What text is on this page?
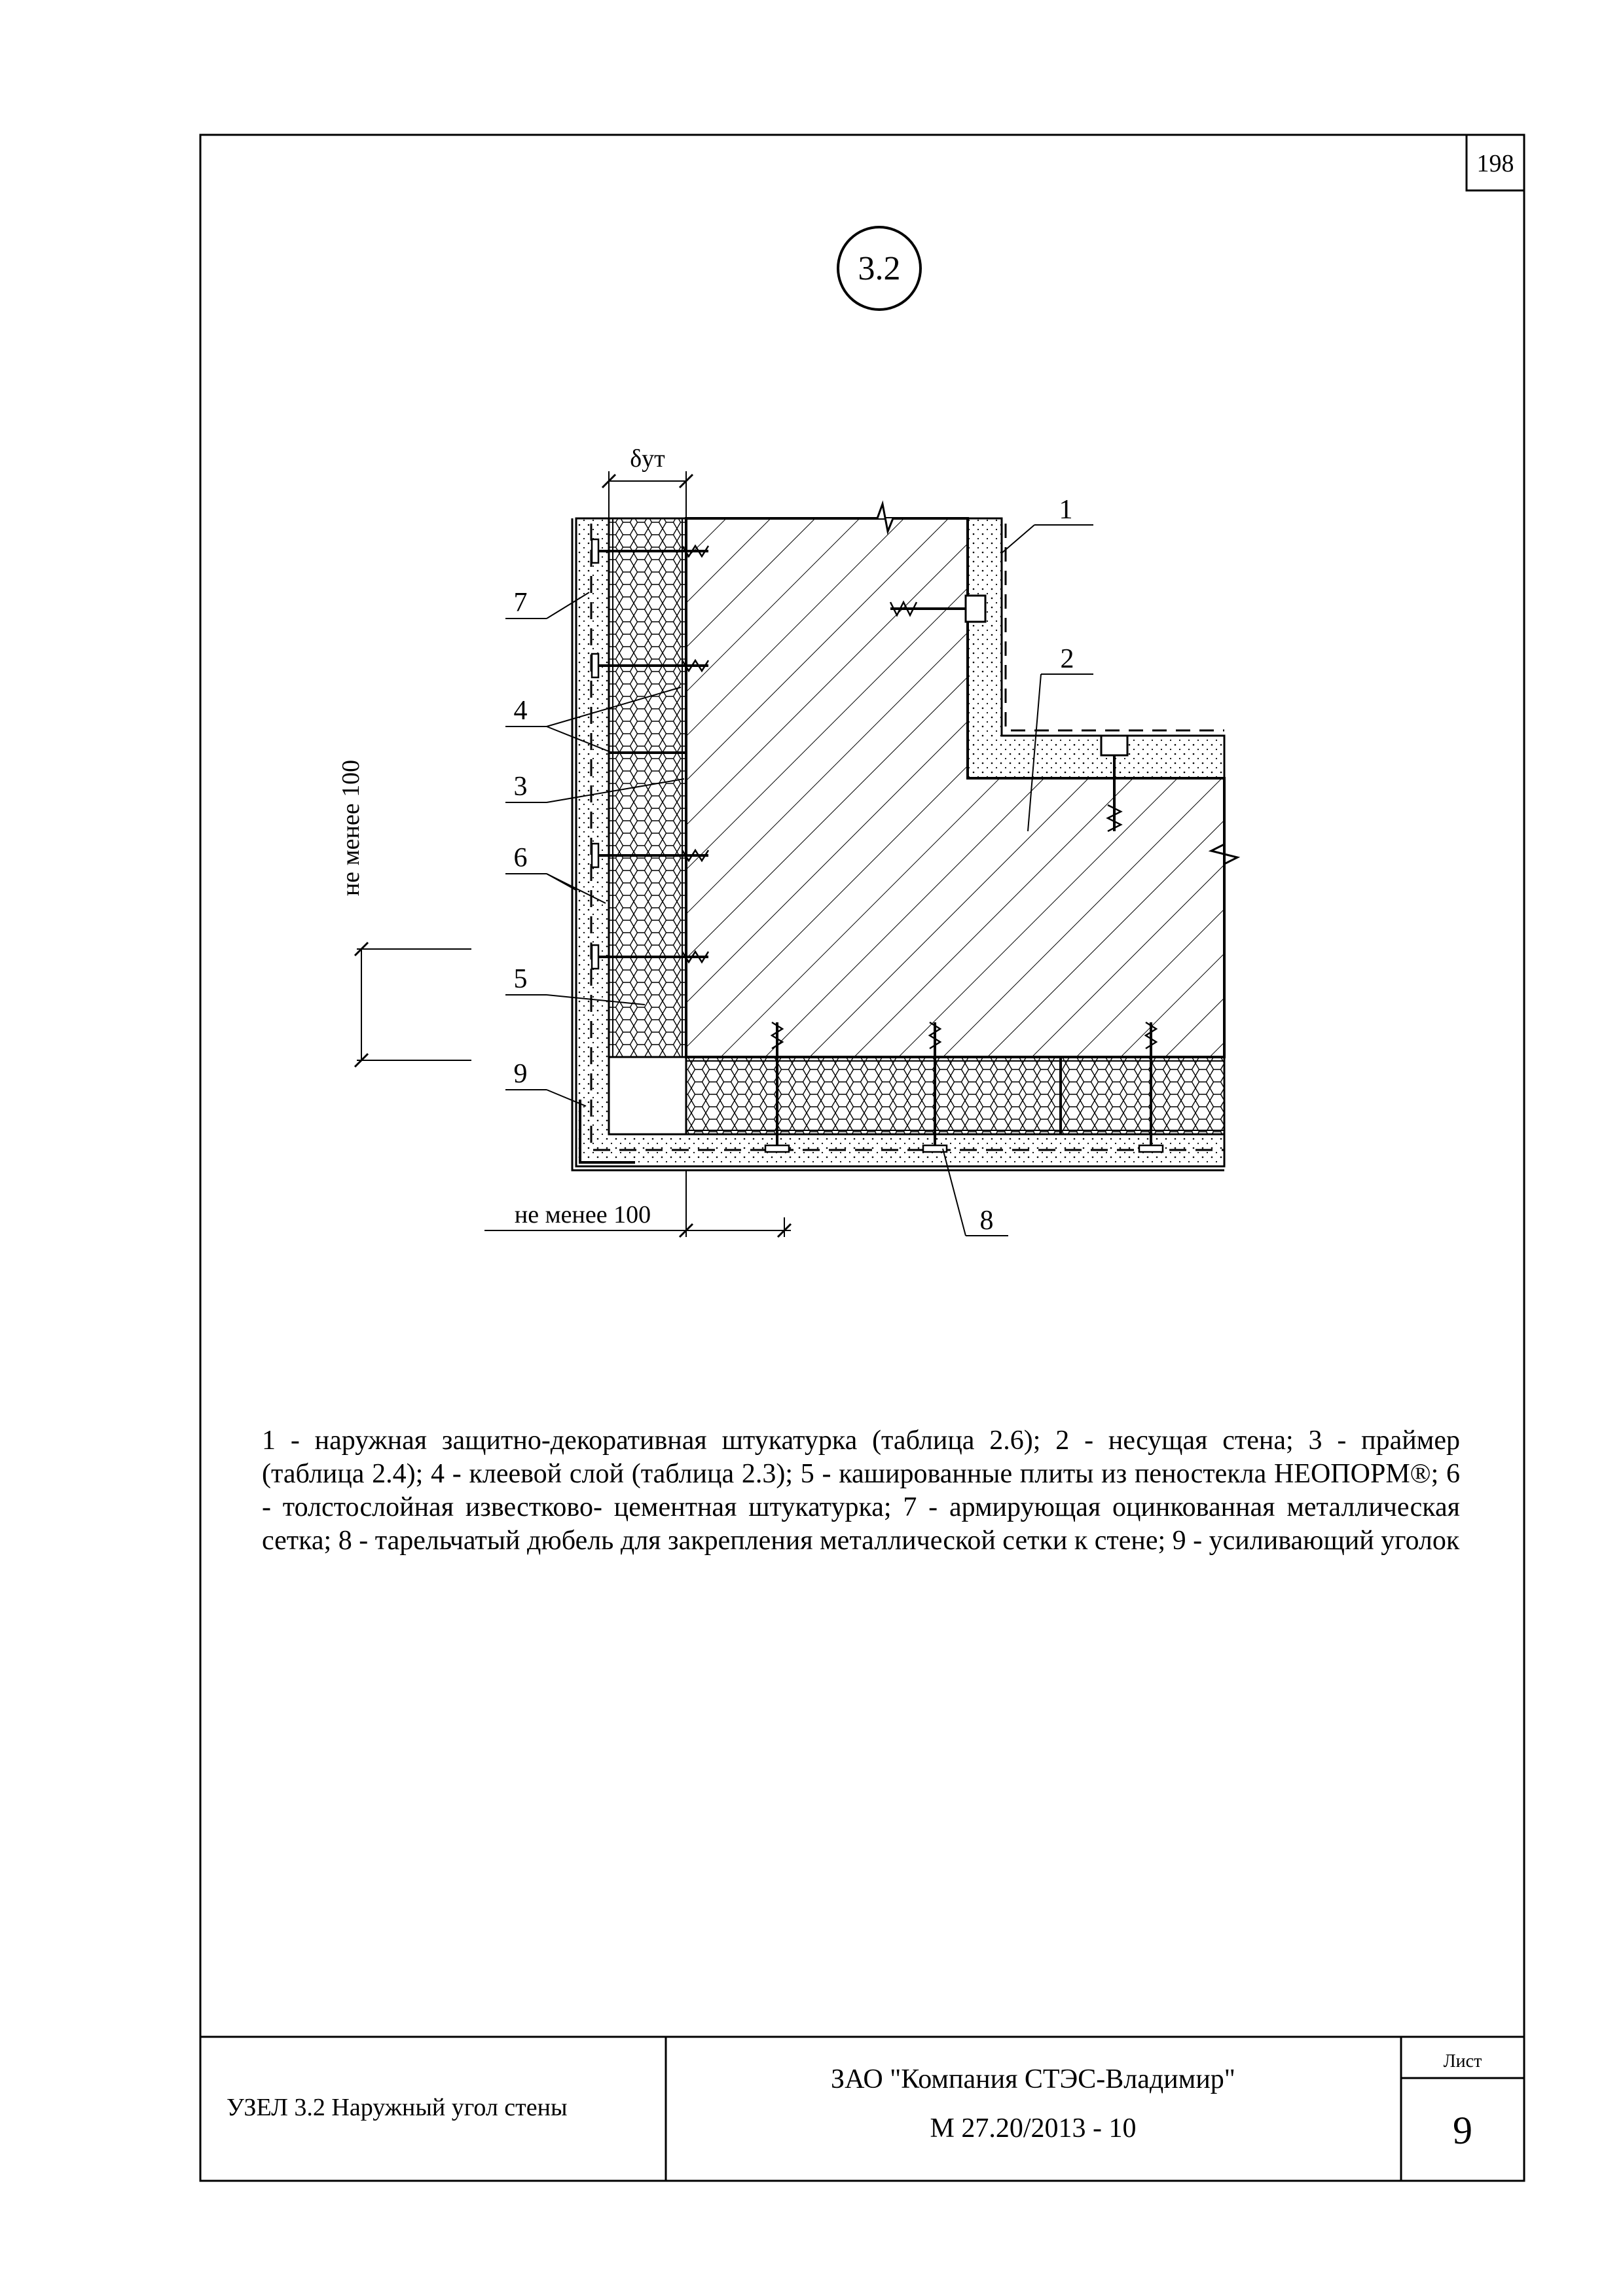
198
3.2
δут
не менее 100
не менее 100
1
2
7
4
3
6
5
9
8
УЗЕЛ 3.2 Наружный угол стены
ЗАО "Компания СТЭС-Владимир"
М 27.20/2013 - 10
Лист
9

1 - наружная защитно-декоративная штукатурка (таблица 2.6); 2 - несущая стена; 3 - праймер (таблица 2.4); 4 - клеевой слой (таблица 2.3); 5 - кашированные плиты из пеностекла НЕОПОРМ®; 6 - толстослойная известково- цементная штукатурка; 7 - армирующая оцинкованная металлическая сетка; 8 - тарельчатый дюбель для закрепления металлической сетки к стене; 9 - усиливающий уголок
